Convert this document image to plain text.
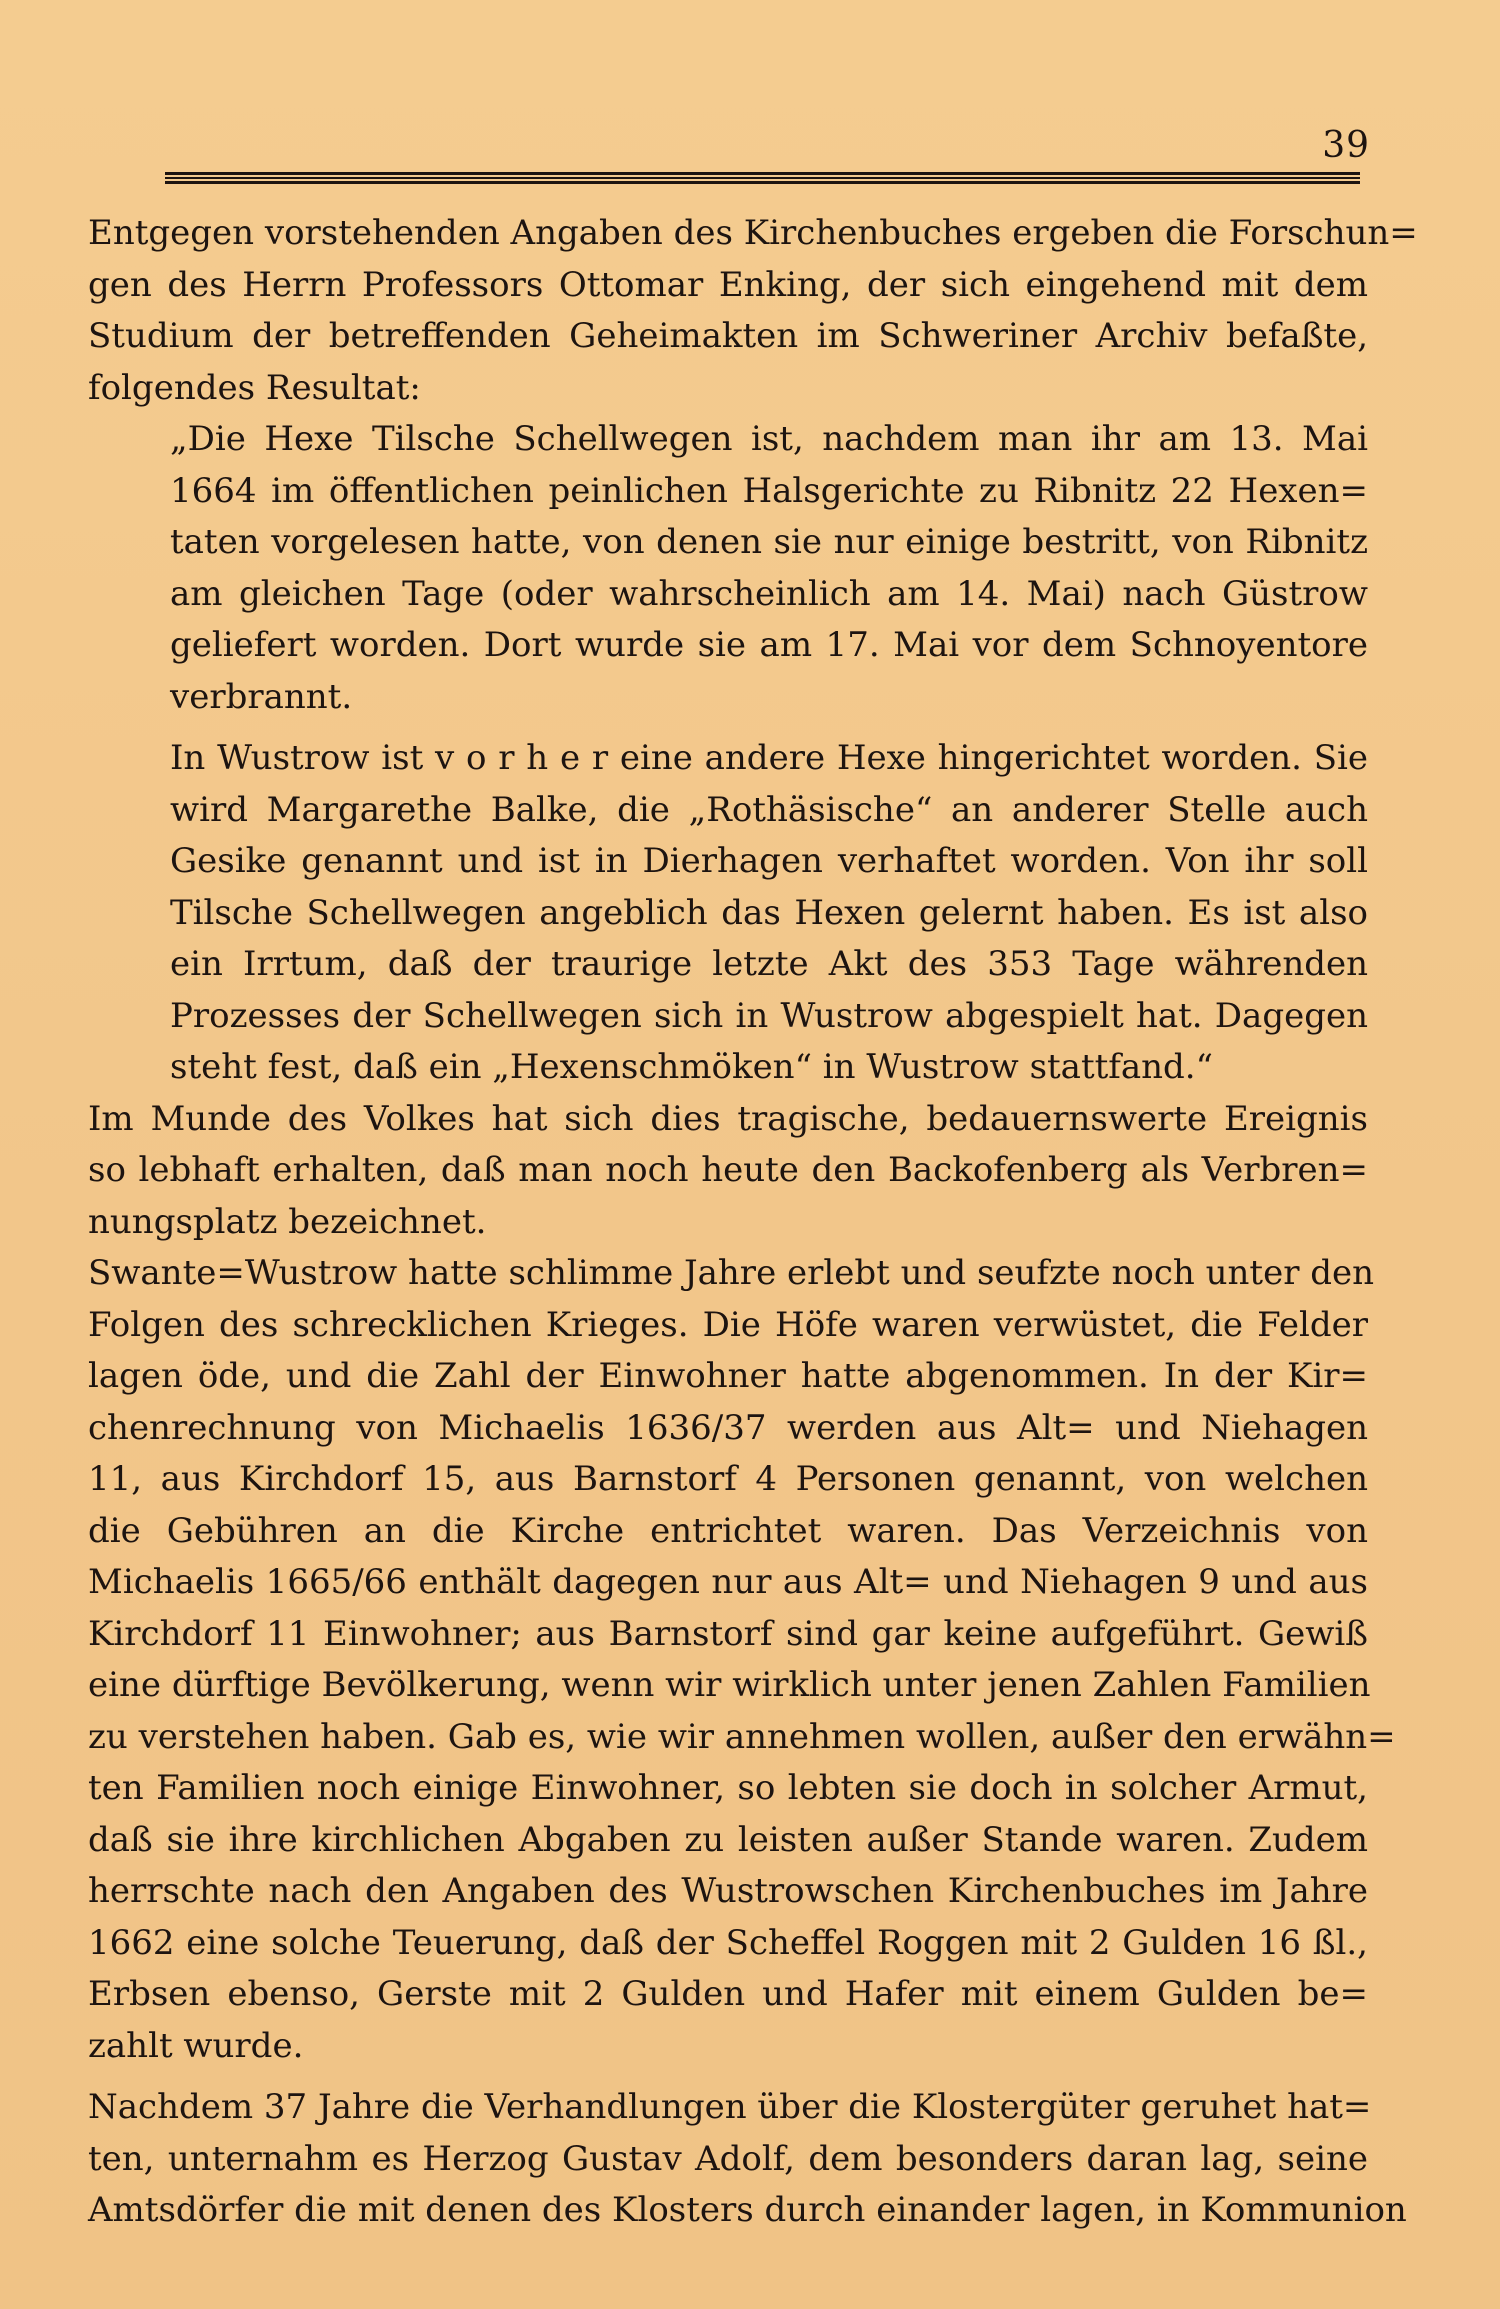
39
Entgegen vorstehenden Angaben des Kirchenbuches ergeben die Forschun=
gen des Herrn Professors Ottomar Enking, der sich eingehend mit dem
Studium der betreffenden Geheimakten im Schweriner Archiv befaßte,
folgendes Resultat:
„Die Hexe Tilsche Schellwegen ist, nachdem man ihr am 13. Mai
1664 im öffentlichen peinlichen Halsgerichte zu Ribnitz 22 Hexen=
taten vorgelesen hatte, von denen sie nur einige bestritt, von Ribnitz
am gleichen Tage (oder wahrscheinlich am 14. Mai) nach Güstrow
geliefert worden. Dort wurde sie am 17. Mai vor dem Schnoyentore
verbrannt.
In Wustrow ist v o r h e r eine andere Hexe hingerichtet worden. Sie
wird Margarethe Balke, die „Rothäsische“ an anderer Stelle auch
Gesike genannt und ist in Dierhagen verhaftet worden. Von ihr soll
Tilsche Schellwegen angeblich das Hexen gelernt haben. Es ist also
ein Irrtum, daß der traurige letzte Akt des 353 Tage währenden
Prozesses der Schellwegen sich in Wustrow abgespielt hat. Dagegen
steht fest, daß ein „Hexenschmöken“ in Wustrow stattfand.“
Im Munde des Volkes hat sich dies tragische, bedauernswerte Ereignis
so lebhaft erhalten, daß man noch heute den Backofenberg als Verbren=
nungsplatz bezeichnet.
Swante=Wustrow hatte schlimme Jahre erlebt und seufzte noch unter den
Folgen des schrecklichen Krieges. Die Höfe waren verwüstet, die Felder
lagen öde, und die Zahl der Einwohner hatte abgenommen. In der Kir=
chenrechnung von Michaelis 1636/37 werden aus Alt= und Niehagen
11, aus Kirchdorf 15, aus Barnstorf 4 Personen genannt, von welchen
die Gebühren an die Kirche entrichtet waren. Das Verzeichnis von
Michaelis 1665/66 enthält dagegen nur aus Alt= und Niehagen 9 und aus
Kirchdorf 11 Einwohner; aus Barnstorf sind gar keine aufgeführt. Gewiß
eine dürftige Bevölkerung, wenn wir wirklich unter jenen Zahlen Familien
zu verstehen haben. Gab es, wie wir annehmen wollen, außer den erwähn=
ten Familien noch einige Einwohner, so lebten sie doch in solcher Armut,
daß sie ihre kirchlichen Abgaben zu leisten außer Stande waren. Zudem
herrschte nach den Angaben des Wustrowschen Kirchenbuches im Jahre
1662 eine solche Teuerung, daß der Scheffel Roggen mit 2 Gulden 16 ßl.,
Erbsen ebenso, Gerste mit 2 Gulden und Hafer mit einem Gulden be=
zahlt wurde.
Nachdem 37 Jahre die Verhandlungen über die Klostergüter geruhet hat=
ten, unternahm es Herzog Gustav Adolf, dem besonders daran lag, seine
Amtsdörfer die mit denen des Klosters durch einander lagen, in Kommunion
